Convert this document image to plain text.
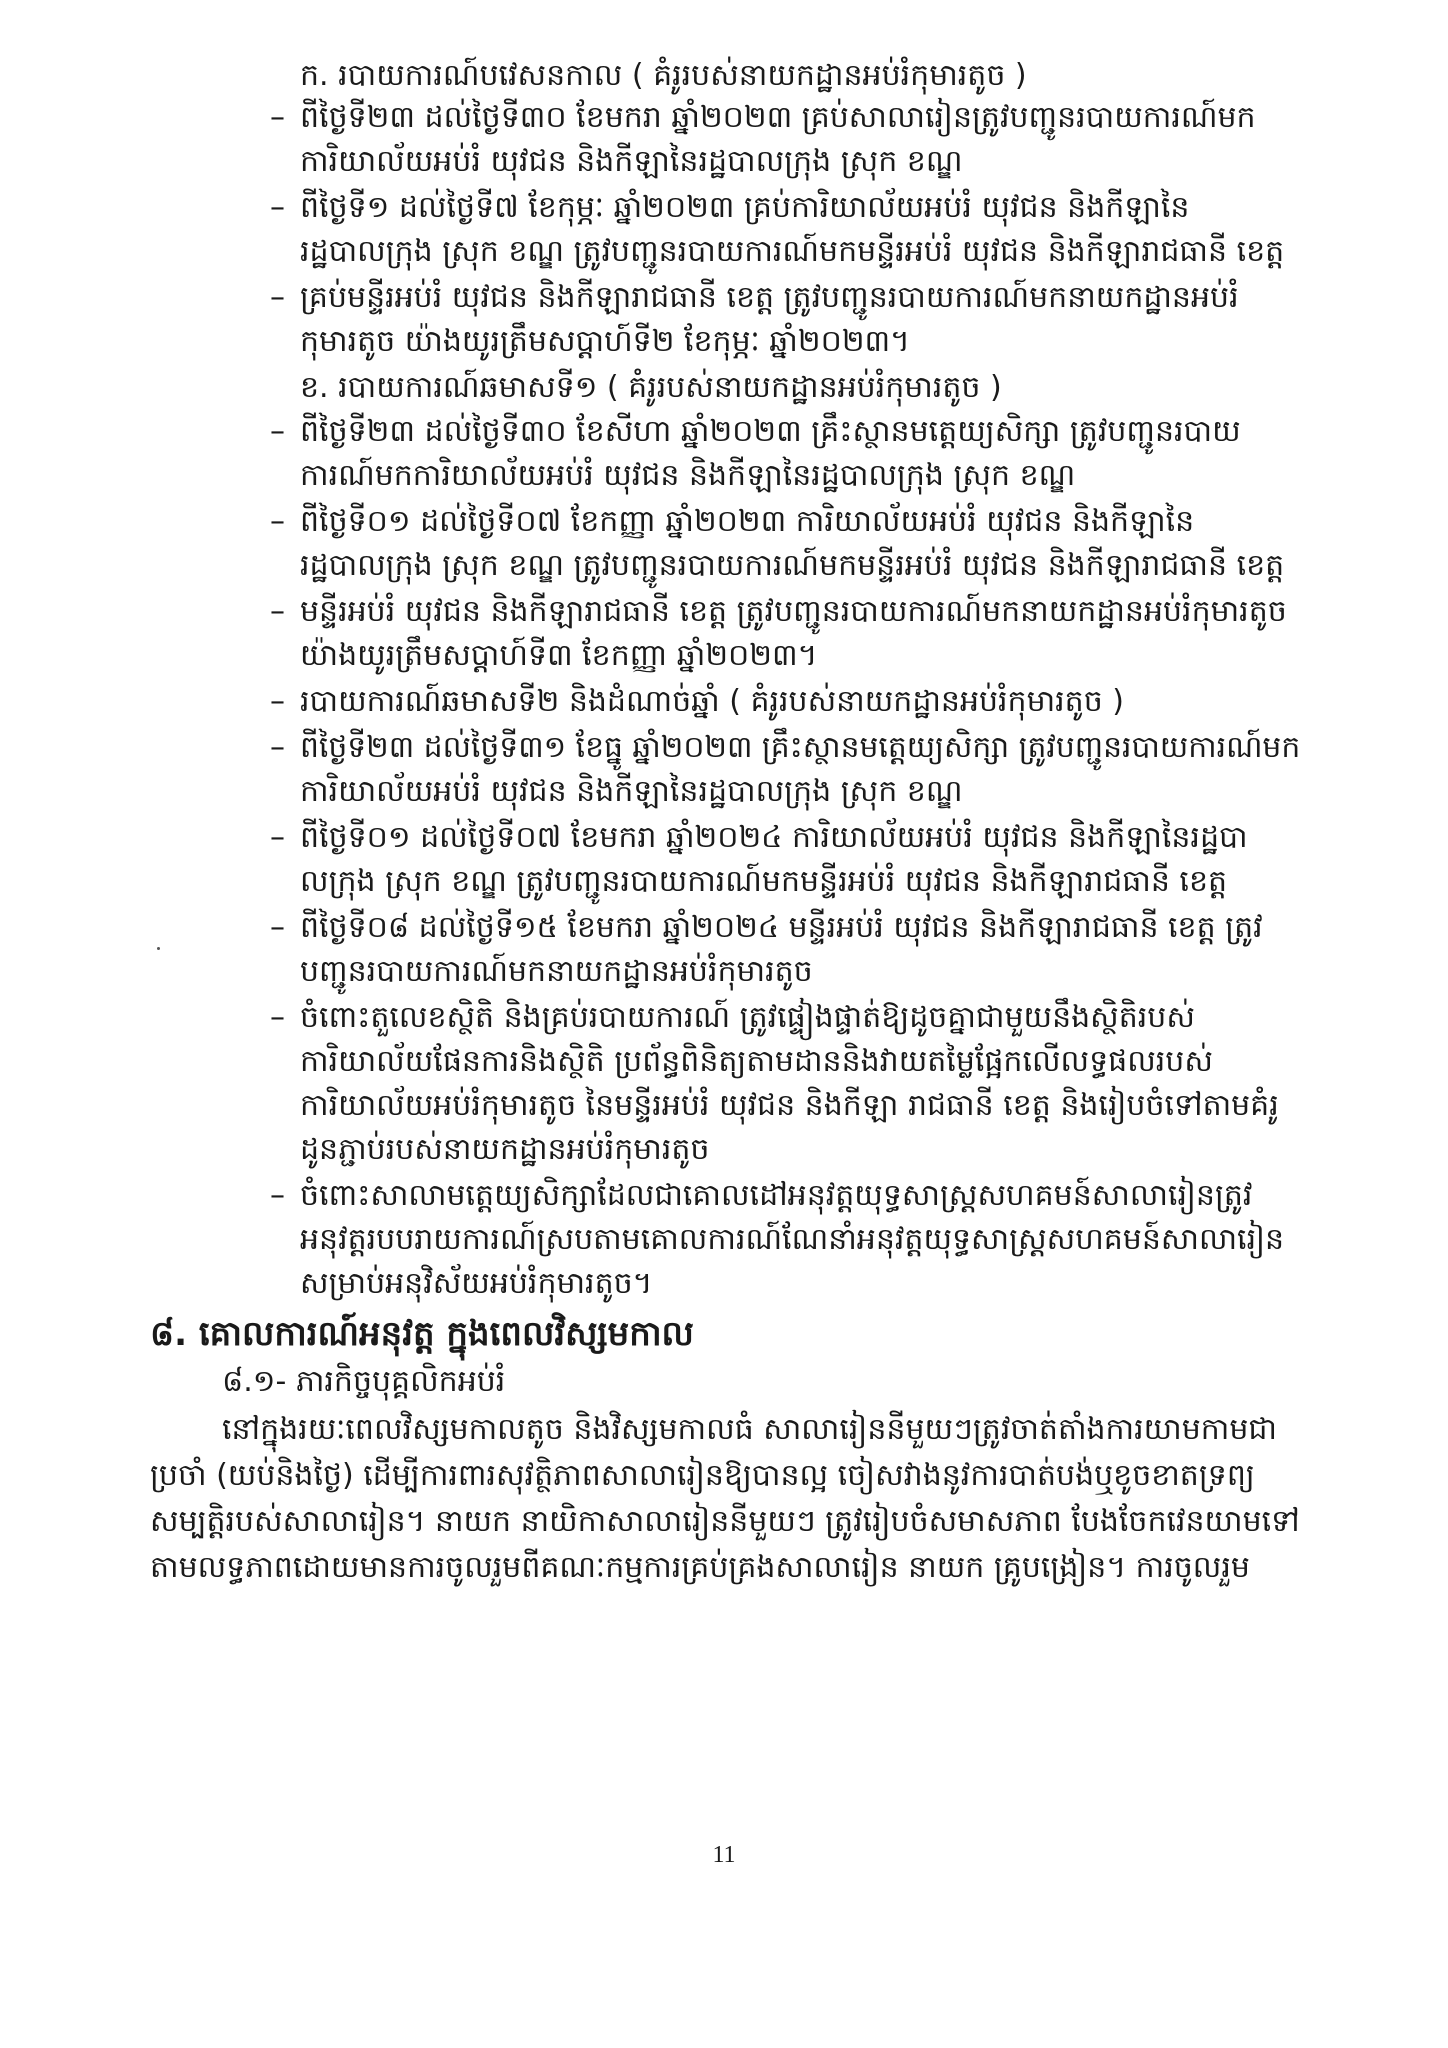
ក. របាយការណ៍បវេសនកាល ( គំរូរបស់នាយកដ្ឋានអប់រំកុមារតូច )
– ពីថ្ងៃទី២៣ ដល់ថ្ងៃទី៣០ ខែមករា ឆ្នាំ២០២៣ គ្រប់សាលារៀនត្រូវបញ្ជូនរបាយការណ៍មក
ការិយាល័យអប់រំ យុវជន និងកីឡានៃរដ្ឋបាលក្រុង ស្រុក ខណ្ឌ
– ពីថ្ងៃទី១ ដល់ថ្ងៃទី៧ ខែកុម្ភៈ ឆ្នាំ២០២៣ គ្រប់ការិយាល័យអប់រំ យុវជន និងកីឡានៃ
រដ្ឋបាលក្រុង ស្រុក ខណ្ឌ ត្រូវបញ្ជូនរបាយការណ៍មកមន្ទីរអប់រំ យុវជន និងកីឡារាជធានី ខេត្ត
– គ្រប់មន្ទីរអប់រំ យុវជន និងកីឡារាជធានី ខេត្ត ត្រូវបញ្ជូនរបាយការណ៍មកនាយកដ្ឋានអប់រំ
កុមារតូច យ៉ាងយូរត្រឹមសប្តាហ៍ទី២ ខែកុម្ភៈ ឆ្នាំ២០២៣។
ខ. របាយការណ៍ឆមាសទី១ ( គំរូរបស់នាយកដ្ឋានអប់រំកុមារតូច )
– ពីថ្ងៃទី២៣ ដល់ថ្ងៃទី៣០ ខែសីហា ឆ្នាំ២០២៣ គ្រឹះស្ថានមត្តេយ្យសិក្សា ត្រូវបញ្ជូនរបាយ
ការណ៍មកការិយាល័យអប់រំ យុវជន និងកីឡានៃរដ្ឋបាលក្រុង ស្រុក ខណ្ឌ
– ពីថ្ងៃទី០១ ដល់ថ្ងៃទី០៧ ខែកញ្ញា ឆ្នាំ២០២៣ ការិយាល័យអប់រំ យុវជន និងកីឡានៃ
រដ្ឋបាលក្រុង ស្រុក ខណ្ឌ ត្រូវបញ្ជូនរបាយការណ៍មកមន្ទីរអប់រំ យុវជន និងកីឡារាជធានី ខេត្ត
– មន្ទីរអប់រំ យុវជន និងកីឡារាជធានី ខេត្ត ត្រូវបញ្ជូនរបាយការណ៍មកនាយកដ្ឋានអប់រំកុមារតូច
យ៉ាងយូរត្រឹមសប្តាហ៍ទី៣ ខែកញ្ញា ឆ្នាំ២០២៣។
– របាយការណ៍ឆមាសទី២ និងដំណាច់ឆ្នាំ ( គំរូរបស់នាយកដ្ឋានអប់រំកុមារតូច )
– ពីថ្ងៃទី២៣ ដល់ថ្ងៃទី៣១ ខែធ្នូ ឆ្នាំ២០២៣ គ្រឹះស្ថានមត្តេយ្យសិក្សា ត្រូវបញ្ជូនរបាយការណ៍មក
ការិយាល័យអប់រំ យុវជន និងកីឡានៃរដ្ឋបាលក្រុង ស្រុក ខណ្ឌ
– ពីថ្ងៃទី០១ ដល់ថ្ងៃទី០៧ ខែមករា ឆ្នាំ២០២៤ ការិយាល័យអប់រំ យុវជន និងកីឡានៃរដ្ឋបា
លក្រុង ស្រុក ខណ្ឌ ត្រូវបញ្ជូនរបាយការណ៍មកមន្ទីរអប់រំ យុវជន និងកីឡារាជធានី ខេត្ត
– ពីថ្ងៃទី០៨ ដល់ថ្ងៃទី១៥ ខែមករា ឆ្នាំ២០២៤ មន្ទីរអប់រំ យុវជន និងកីឡារាជធានី ខេត្ត ត្រូវ
បញ្ជូនរបាយការណ៍មកនាយកដ្ឋានអប់រំកុមារតូច
– ចំពោះតួលេខស្ថិតិ និងគ្រប់របាយការណ៍ ត្រូវផ្ទៀងផ្ទាត់ឱ្យដូចគ្នាជាមួយនឹងស្ថិតិរបស់
ការិយាល័យផែនការនិងស្ថិតិ ប្រព័ន្ធពិនិត្យតាមដាននិងវាយតម្លៃផ្អែកលើលទ្ធផលរបស់
ការិយាល័យអប់រំកុមារតូច នៃមន្ទីរអប់រំ យុវជន និងកីឡា រាជធានី ខេត្ត និងរៀបចំទៅតាមគំរូ
ដូនភ្ជាប់របស់នាយកដ្ឋានអប់រំកុមារតូច
– ចំពោះសាលាមត្តេយ្យសិក្សាដែលជាគោលដៅអនុវត្តយុទ្ធសាស្ត្រសហគមន៍សាលារៀនត្រូវ
អនុវត្តរបបរាយការណ៍ស្របតាមគោលការណ៍ណែនាំអនុវត្តយុទ្ធសាស្ត្រសហគមន៍សាលារៀន
សម្រាប់អនុវិស័យអប់រំកុមារតូច។
៨. គោលការណ៍អនុវត្ត ក្នុងពេលវិស្សមកាល
៨.១- ភារកិច្ចបុគ្គលិកអប់រំ
នៅក្នុងរយៈពេលវិស្សមកាលតូច និងវិស្សមកាលធំ សាលារៀននីមួយៗត្រូវចាត់តាំងការយាមកាមជា
ប្រចាំ (យប់និងថ្ងៃ) ដើម្បីការពារសុវត្ថិភាពសាលារៀនឱ្យបានល្អ ចៀសវាងនូវការបាត់បង់ឬខូចខាតទ្រព្យ
សម្បត្តិរបស់សាលារៀន។ នាយក នាយិកាសាលារៀននីមួយៗ ត្រូវរៀបចំសមាសភាព បែងចែកវេនយាមទៅ
តាមលទ្ធភាពដោយមានការចូលរួមពីគណៈកម្មការគ្រប់គ្រងសាលារៀន នាយក គ្រូបង្រៀន។ ការចូលរួម
11
